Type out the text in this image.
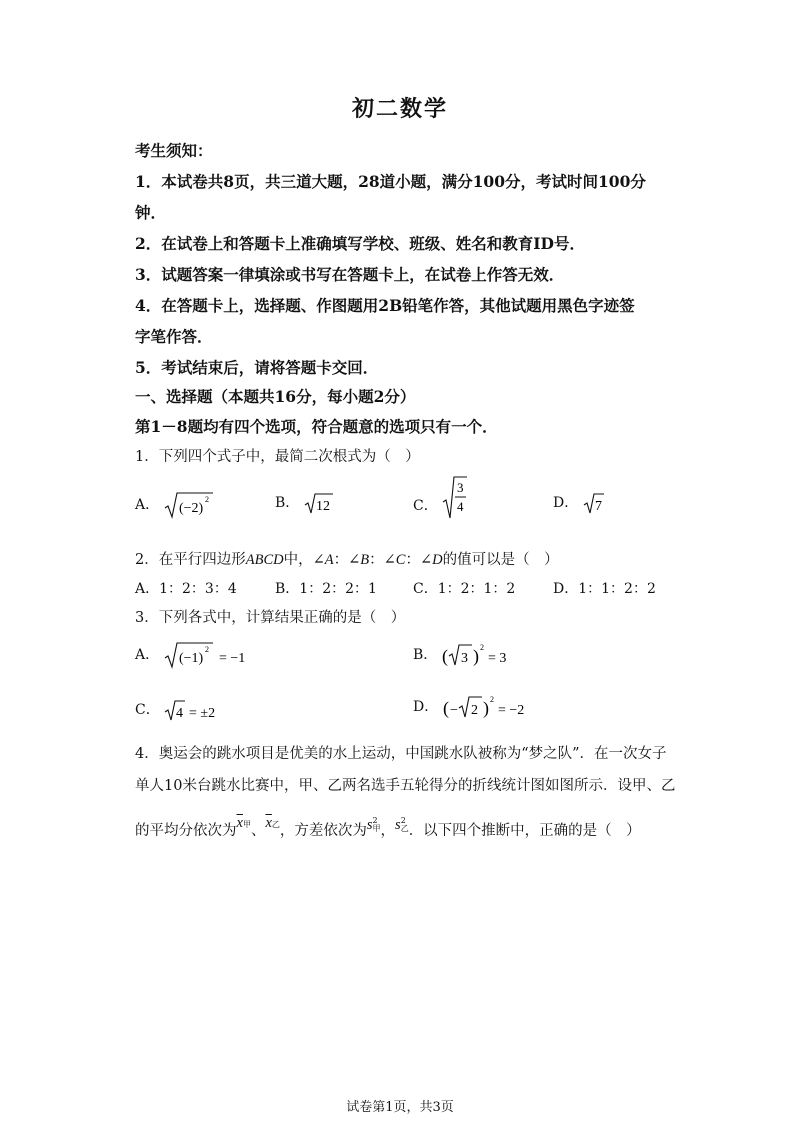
初二数学
考生须知：
1．本试卷共8页，共三道大题，28道小题，满分100分，考试时间100分
钟．
2．在试卷上和答题卡上准确填写学校、班级、姓名和教育ID号．
3．试题答案一律填涂或书写在答题卡上，在试卷上作答无效．
4．在答题卡上，选择题、作图题用2B铅笔作答，其他试题用黑色字迹签
字笔作答．
5．考试结束后，请将答题卡交回．
一、选择题（本题共16分，每小题2分）
第1－8题均有四个选项，符合题意的选项只有一个．
1．下列四个式子中，最简二次根式为（　）
A． (−2)
2	B． 12	C．
3
4	D． 7
2．在平行四边形ABCD中，∠A：∠B：∠C：∠D的值可以是（　）
A．1：2：3：4	B．1：2：2：1	C．1：2：1：2	D．1：1：2：2
3．下列各式中，计算结果正确的是（　）
A． (−1)
2
= −1	B． ( 3 ) 2
= 3
C． 4 = ±2	D． ( − 2 ) 2
= −2
4．奥运会的跳水项目是优美的水上运动，中国跳水队被称为“梦之队”．在一次女子
单人10米台跳水比赛中，甲、乙两名选手五轮得分的折线统计图如图所示．设甲、乙
的平均分依次为$\overline{x}$甲、$\overline{x}$乙，方差依次为s 2
甲 ，s 2
乙 ．以下四个推断中，正确的是（　）
试卷第1页，共3页
